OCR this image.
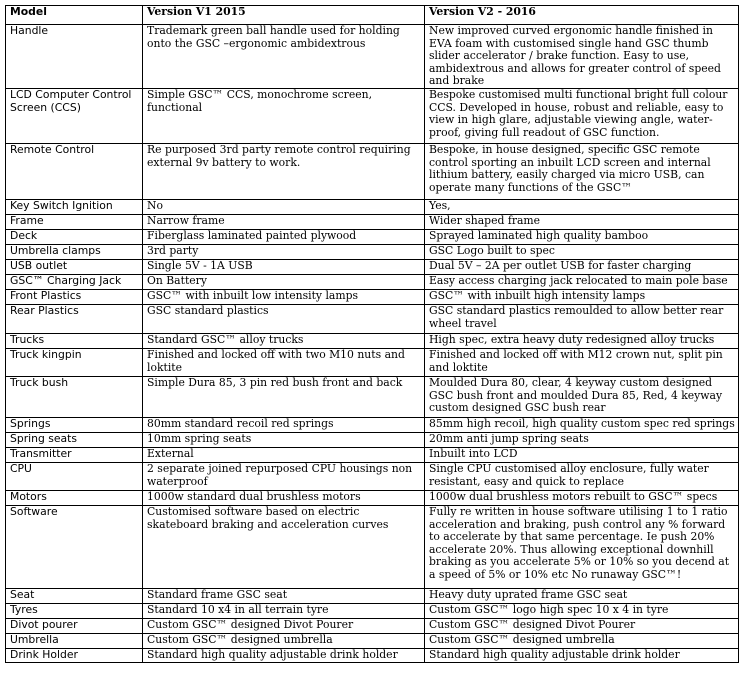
Model	Version V1 2015	Version V2 - 2016
Handle	Trademark green ball handle used for holding onto the GSC –ergonomic ambidextrous	New improved curved ergonomic handle finished in EVA foam with customised single hand GSC thumb slider accelerator / brake function. Easy to use, ambidextrous and allows for greater control of speed and brake
LCD Computer Control Screen (CCS)	Simple GSC™ CCS, monochrome screen, functional	Bespoke customised multi functional bright full colour CCS. Developed in house, robust and reliable, easy to view in high glare, adjustable viewing angle, water-proof, giving full readout of GSC function.
Remote Control	Re purposed 3rd party remote control requiring external 9v battery to work.	Bespoke, in house designed, specific GSC remote control sporting an inbuilt LCD screen and internal lithium battery, easily charged via micro USB, can operate many functions of the GSC™
Key Switch Ignition	No	Yes,
Frame	Narrow frame	Wider shaped frame
Deck	Fiberglass laminated painted plywood	Sprayed laminated high quality bamboo
Umbrella clamps	3rd party	GSC Logo built to spec
USB outlet	Single 5V - 1A USB	Dual 5V – 2A per outlet USB for faster charging
GSC™ Charging Jack	On Battery	Easy access charging jack relocated to main pole base
Front Plastics	GSC™ with inbuilt low intensity lamps	GSC™ with inbuilt high intensity lamps
Rear Plastics	GSC standard plastics	GSC standard plastics remoulded to allow better rear wheel travel
Trucks	Standard GSC™ alloy trucks	High spec, extra heavy duty redesigned alloy trucks
Truck kingpin	Finished and locked off with two M10 nuts and loktite	Finished and locked off with M12 crown nut, split pin and loktite
Truck bush	Simple Dura 85, 3 pin red bush front and back	Moulded Dura 80, clear, 4 keyway custom designed GSC bush front and moulded Dura 85, Red, 4 keyway custom designed GSC bush rear
Springs	80mm standard recoil red springs	85mm high recoil, high quality custom spec red springs
Spring seats	10mm spring seats	20mm anti jump spring seats
Transmitter	External	Inbuilt into LCD
CPU	2 separate joined repurposed CPU housings non waterproof	Single CPU customised alloy enclosure, fully water resistant, easy and quick to replace
Motors	1000w standard dual brushless motors	1000w dual brushless motors rebuilt to GSC™ specs
Software	Customised software based on electric skateboard braking and acceleration curves	Fully re written in house software utilising 1 to 1 ratio acceleration and braking, push control any % forward to accelerate by that same percentage. Ie push 20% accelerate 20%. Thus allowing exceptional downhill braking as you accelerate 5% or 10% so you decend at a speed of 5% or 10% etc No runaway GSC™!
Seat	Standard frame GSC seat	Heavy duty uprated frame GSC seat
Tyres	Standard 10 x4 in all terrain tyre	Custom GSC™ logo high spec 10 x 4 in tyre
Divot pourer	Custom GSC™ designed Divot Pourer	Custom GSC™ designed Divot Pourer
Umbrella	Custom GSC™ designed umbrella	Custom GSC™ designed umbrella
Drink Holder	Standard high quality adjustable drink holder	Standard high quality adjustable drink holder
